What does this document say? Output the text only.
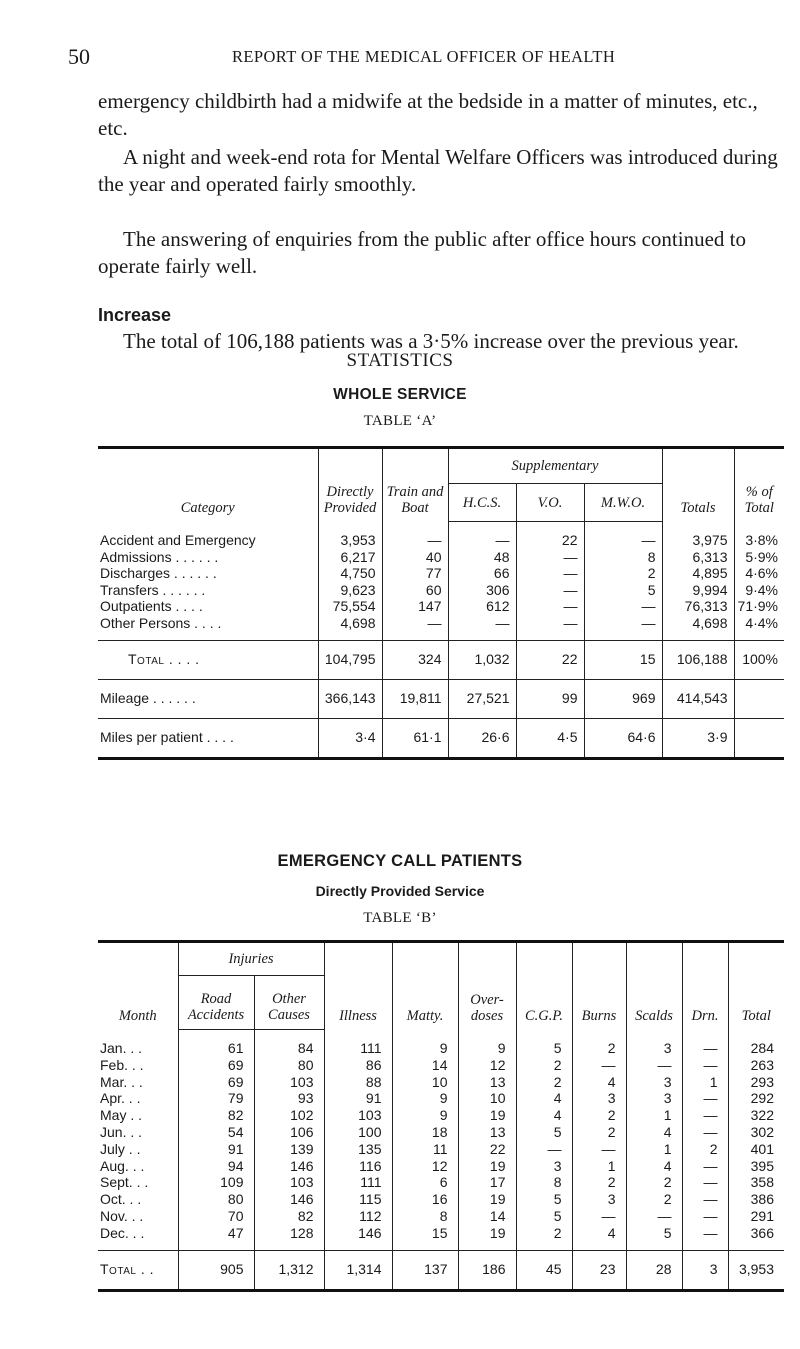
50	REPORT OF THE MEDICAL OFFICER OF HEALTH

emergency childbirth had a midwife at the bedside in a matter of minutes, etc., etc.

A night and week-end rota for Mental Welfare Officers was introduced during the year and operated fairly smoothly.

The answering of enquiries from the public after office hours continued to operate fairly well.

Increase

The total of 106,188 patients was a 3·5% increase over the previous year.

STATISTICS
WHOLE SERVICE
TABLE ‘A’
Category	Directly Provided	Train and Boat	Supplementary			Totals	% of Total
			H.C.S.	V.O.	M.W.O.		
Accident and Emergency	3,953	—	—	22	—	3,975	3·8%
Admissions . . . . . .	6,217	40	48	—	8	6,313	5·9%
Discharges . . . . . .	4,750	77	66	—	2	4,895	4·6%
Transfers . . . . . .	9,623	60	306	—	5	9,994	9·4%
Outpatients . . . .	75,554	147	612	—	—	76,313	71·9%
Other Persons . . . .	4,698	—	—	—	—	4,698	4·4%

Total . . . .	104,795	324	1,032	22	15	106,188	100%
Mileage . . . . . .	366,143	19,811	27,521	99	969	414,543	
Miles per patient . . . .	3·4	61·1	26·6	4·5	64·6	3·9	
EMERGENCY CALL PATIENTS
Directly Provided Service
TABLE ‘B’
Month	Injuries		Illness	Matty.	Over- doses	C.G.P.	Burns	Scalds	Drn.	Total
	Road Accidents	Other Causes								
Jan. . .	61	84	111	9	9	5	2	3	—	284
Feb. . .	69	80	86	14	12	2	—	—	—	263
Mar. . .	69	103	88	10	13	2	4	3	1	293
Apr. . .	79	93	91	9	10	4	3	3	—	292
May . .	82	102	103	9	19	4	2	1	—	322
Jun. . .	54	106	100	18	13	5	2	4	—	302
July . .	91	139	135	11	22	—	—	1	2	401
Aug. . .	94	146	116	12	19	3	1	4	—	395
Sept. . .	109	103	111	6	17	8	2	2	—	358
Oct. . .	80	146	115	16	19	5	3	2	—	386
Nov. . .	70	82	112	8	14	5	—	—	—	291
Dec. . .	47	128	146	15	19	2	4	5	—	366

Total . .	905	1,312	1,314	137	186	45	23	28	3	3,953
